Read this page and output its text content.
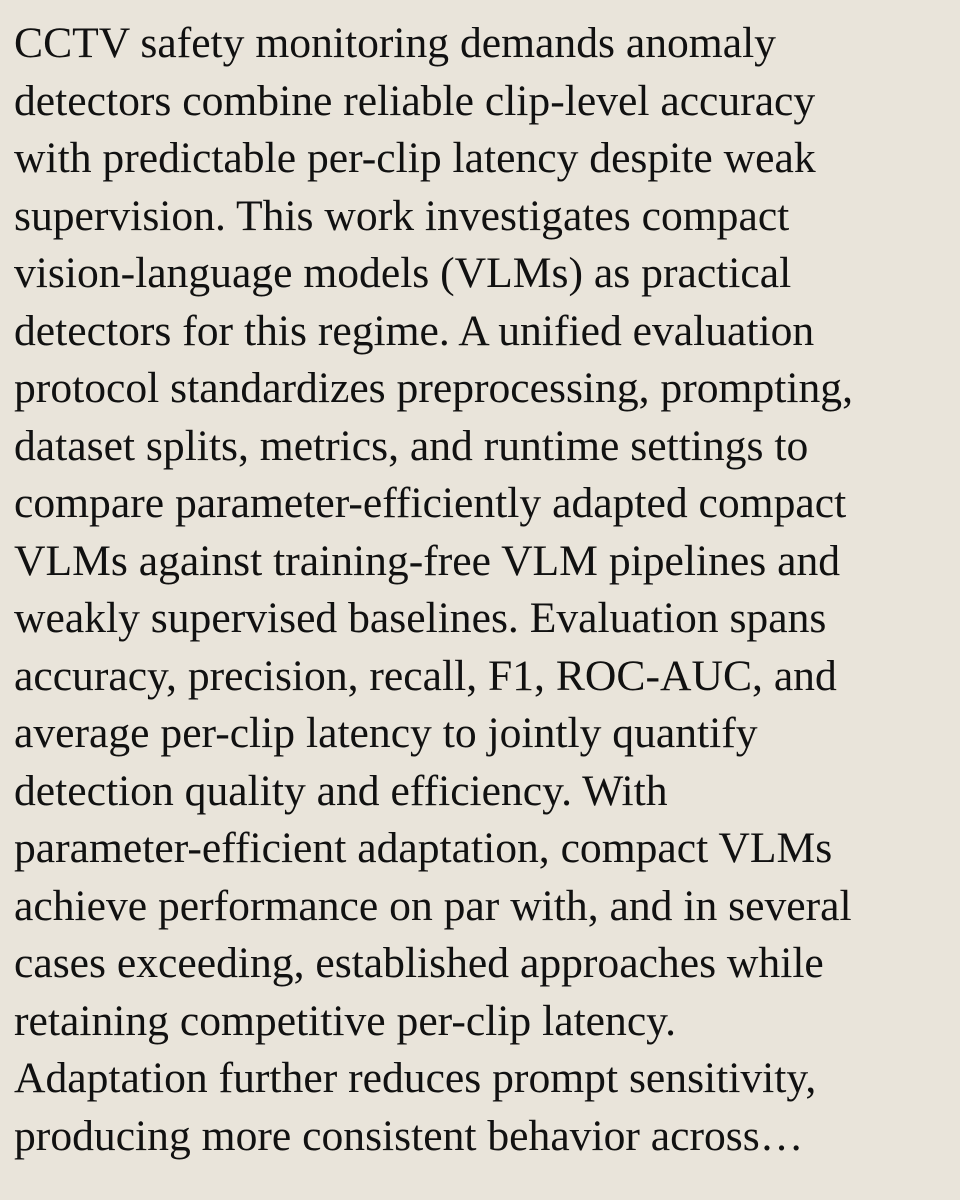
CCTV safety monitoring demands anomaly
detectors combine reliable clip-level accuracy
with predictable per-clip latency despite weak
supervision. This work investigates compact
vision-language models (VLMs) as practical
detectors for this regime. A unified evaluation
protocol standardizes preprocessing, prompting,
dataset splits, metrics, and runtime settings to
compare parameter-efficiently adapted compact
VLMs against training-free VLM pipelines and
weakly supervised baselines. Evaluation spans
accuracy, precision, recall, F1, ROC-AUC, and
average per-clip latency to jointly quantify
detection quality and efficiency. With
parameter-efficient adaptation, compact VLMs
achieve performance on par with, and in several
cases exceeding, established approaches while
retaining competitive per-clip latency.
Adaptation further reduces prompt sensitivity,
producing more consistent behavior across…
